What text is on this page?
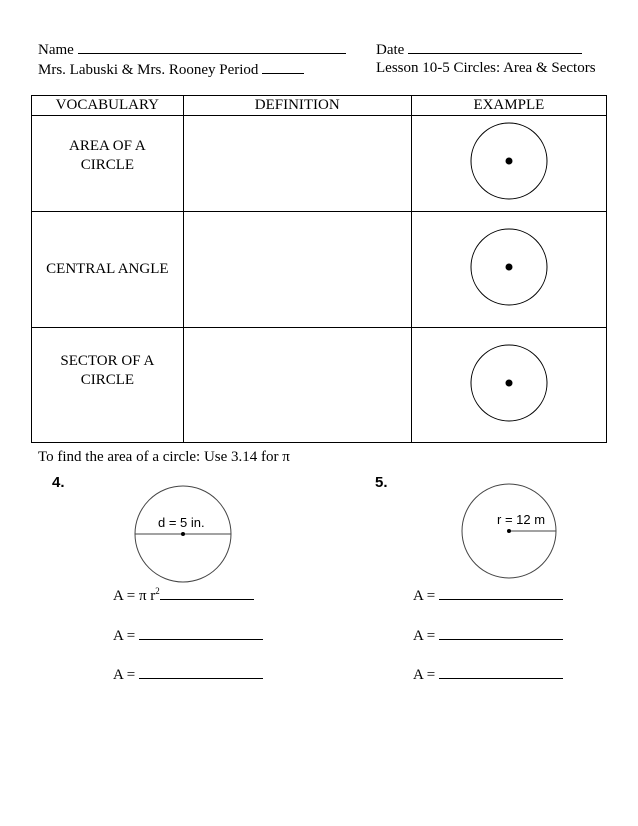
Name	Date
Mrs. Labuski & Mrs. Rooney Period	Lesson 10-5 Circles: Area & Sectors
VOCABULARY	DEFINITION	EXAMPLE

AREA OF A CIRCLE

CENTRAL ANGLE

SECTOR OF A CIRCLE

To find the area of a circle: Use 3.14 for π
4.
d = 5 in.
A = π $r^2$
A =
A =
5.
r = 12 m
A =
A =
A =
